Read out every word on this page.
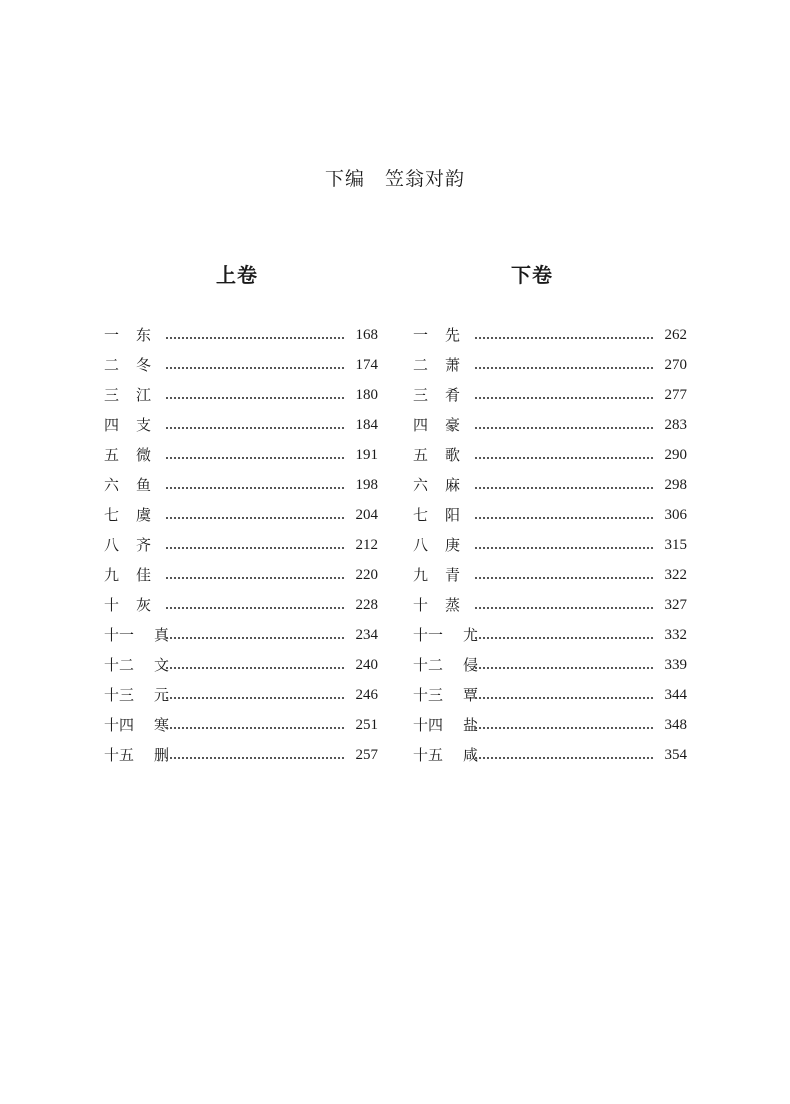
下编　笠翁对韵
上卷	下卷
一 东	168
二 冬	174
三 江	180
四 支	184
五 微	191
六 鱼	198
七 虞	204
八 齐	212
九 佳	220
十 灰	228
十一 真	234
十二 文	240
十三 元	246
十四 寒	251
十五 删	257
一 先	262
二 萧	270
三 肴	277
四 豪	283
五 歌	290
六 麻	298
七 阳	306
八 庚	315
九 青	322
十 蒸	327
十一 尤	332
十二 侵	339
十三 覃	344
十四 盐	348
十五 咸	354
